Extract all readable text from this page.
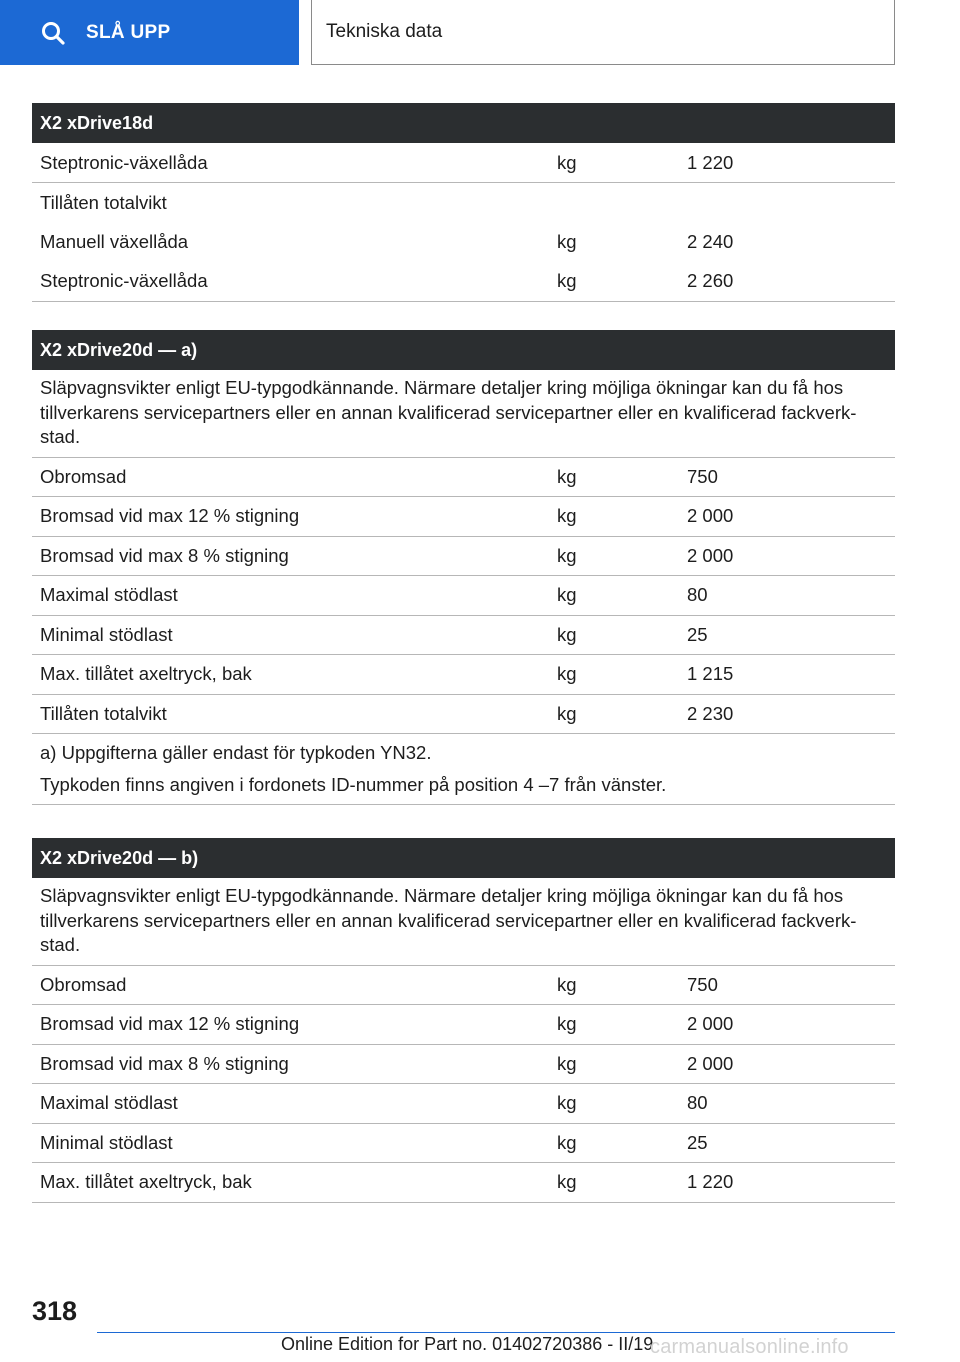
SLÅ UPP	Tekniska data
X2 xDrive18d		
Steptronic-växellåda	kg	1 220
Tillåten totalvikt		
Manuell växellåda	kg	2 240
Steptronic-växellåda	kg	2 260
X2 xDrive20d — a)		
Släpvagnsvikter enligt EU-typgodkännande. Närmare detaljer kring möjliga ökningar kan du få hos tillverkarens servicepartners eller en annan kvalificerad servicepartner eller en kvalificerad fackverkstad.		
Obromsad	kg	750
Bromsad vid max 12 % stigning	kg	2 000
Bromsad vid max 8 % stigning	kg	2 000
Maximal stödlast	kg	80
Minimal stödlast	kg	25
Max. tillåtet axeltryck, bak	kg	1 215
Tillåten totalvikt	kg	2 230

a) Uppgifterna gäller endast för typkoden YN32.
Typkoden finns angiven i fordonets ID-nummer på position 4 –7 från vänster.		
X2 xDrive20d — b)		
Släpvagnsvikter enligt EU-typgodkännande. Närmare detaljer kring möjliga ökningar kan du få hos tillverkarens servicepartners eller en annan kvalificerad servicepartner eller en kvalificerad fackverkstad.		
Obromsad	kg	750
Bromsad vid max 12 % stigning	kg	2 000
Bromsad vid max 8 % stigning	kg	2 000
Maximal stödlast	kg	80
Minimal stödlast	kg	25
Max. tillåtet axeltryck, bak	kg	1 220
318
Online Edition for Part no. 01402720386 - II/19
carmanualsonline.info
